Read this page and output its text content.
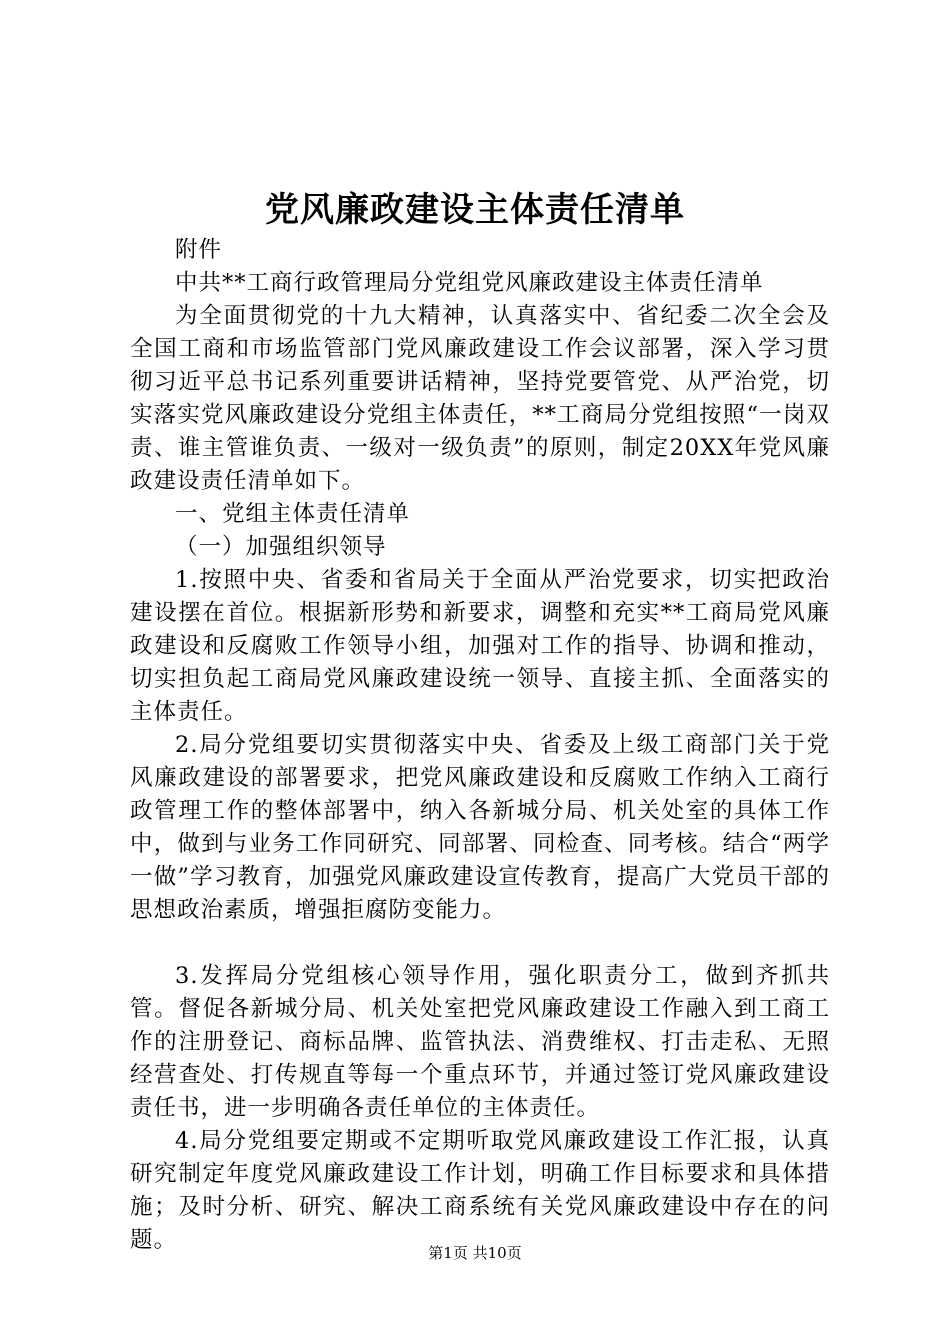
党风廉政建设主体责任清单

附件

中共**工商行政管理局分党组党风廉政建设主体责任清单

为全面贯彻党的十九大精神，认真落实中、省纪委二次全会及全国工商和市场监管部门党风廉政建设工作会议部署，深入学习贯彻习近平总书记系列重要讲话精神，坚持党要管党、从严治党，切实落实党风廉政建设分党组主体责任，**工商局分党组按照“一岗双责、谁主管谁负责、一级对一级负责”的原则，制定20XX年党风廉政建设责任清单如下。

一、党组主体责任清单

（一）加强组织领导

1.按照中央、省委和省局关于全面从严治党要求，切实把政治建设摆在首位。根据新形势和新要求，调整和充实**工商局党风廉政建设和反腐败工作领导小组，加强对工作的指导、协调和推动，切实担负起工商局党风廉政建设统一领导、直接主抓、全面落实的主体责任。

2.局分党组要切实贯彻落实中央、省委及上级工商部门关于党风廉政建设的部署要求，把党风廉政建设和反腐败工作纳入工商行政管理工作的整体部署中，纳入各新城分局、机关处室的具体工作中，做到与业务工作同研究、同部署、同检查、同考核。结合“两学一做”学习教育，加强党风廉政建设宣传教育，提高广大党员干部的思想政治素质，增强拒腐防变能力。

3.发挥局分党组核心领导作用，强化职责分工，做到齐抓共管。督促各新城分局、机关处室把党风廉政建设工作融入到工商工作的注册登记、商标品牌、监管执法、消费维权、打击走私、无照经营查处、打传规直等每一个重点环节，并通过签订党风廉政建设责任书，进一步明确各责任单位的主体责任。

4.局分党组要定期或不定期听取党风廉政建设工作汇报，认真研究制定年度党风廉政建设工作计划，明确工作目标要求和具体措施；及时分析、研究、解决工商系统有关党风廉政建设中存在的问题。	第1页 共10页
